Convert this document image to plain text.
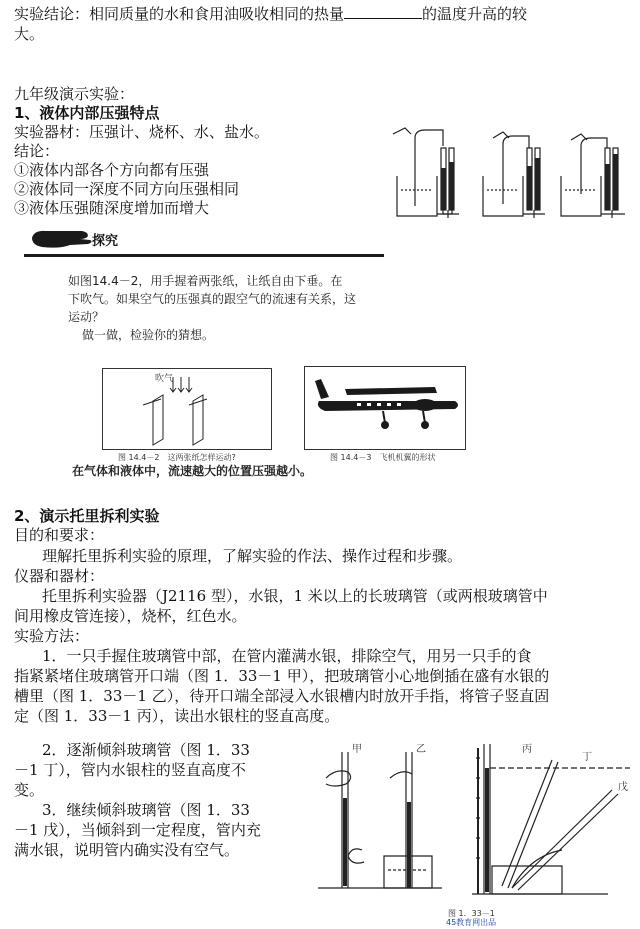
实验结论：相同质量的水和食用油吸收相同的热量	的温度升高的较
大。
九年级演示实验：
1、液体内部压强特点
实验器材：压强计、烧杯、水、盐水。
结论：
①液体内部各个方向都有压强
②液体同一深度不同方向压强相同
③液体压强随深度增加而增大
探究
如图14.4－2，用手握着两张纸，让纸自由下垂。在
下吹气。如果空气的压强真的跟空气的流速有关系，这
运动？
做一做，检验你的猜想。
吹气
图 14.4－2　这两张纸怎样运动?	图 14.4－3　飞机机翼的形状
在气体和液体中，流速越大的位置压强越小。
2、演示托里拆利实验
目的和要求：
理解托里拆利实验的原理，了解实验的作法、操作过程和步骤。
仪器和器材：
托里拆利实验器（J2116 型），水银，1 米以上的长玻璃管（或两根玻璃管中
间用橡皮管连接），烧杯，红色水。
实验方法：
1．一只手握住玻璃管中部，在管内灌满水银，排除空气，用另一只手的食
指紧紧堵住玻璃管开口端（图 1．33－1 甲），把玻璃管小心地倒插在盛有水银的
槽里（图 1．33－1 乙），待开口端全部浸入水银槽内时放开手指，将管子竖直固
定（图 1．33－1 丙），读出水银柱的竖直高度。
2．逐渐倾斜玻璃管（图 1．33
－1 丁），管内水银柱的竖直高度不
变。
3．继续倾斜玻璃管（图 1．33
－1 戊），当倾斜到一定程度，管内充
满水银，说明管内确实没有空气。
甲	乙	丙
丁
戊
图 1．33－1
45教育网出品
